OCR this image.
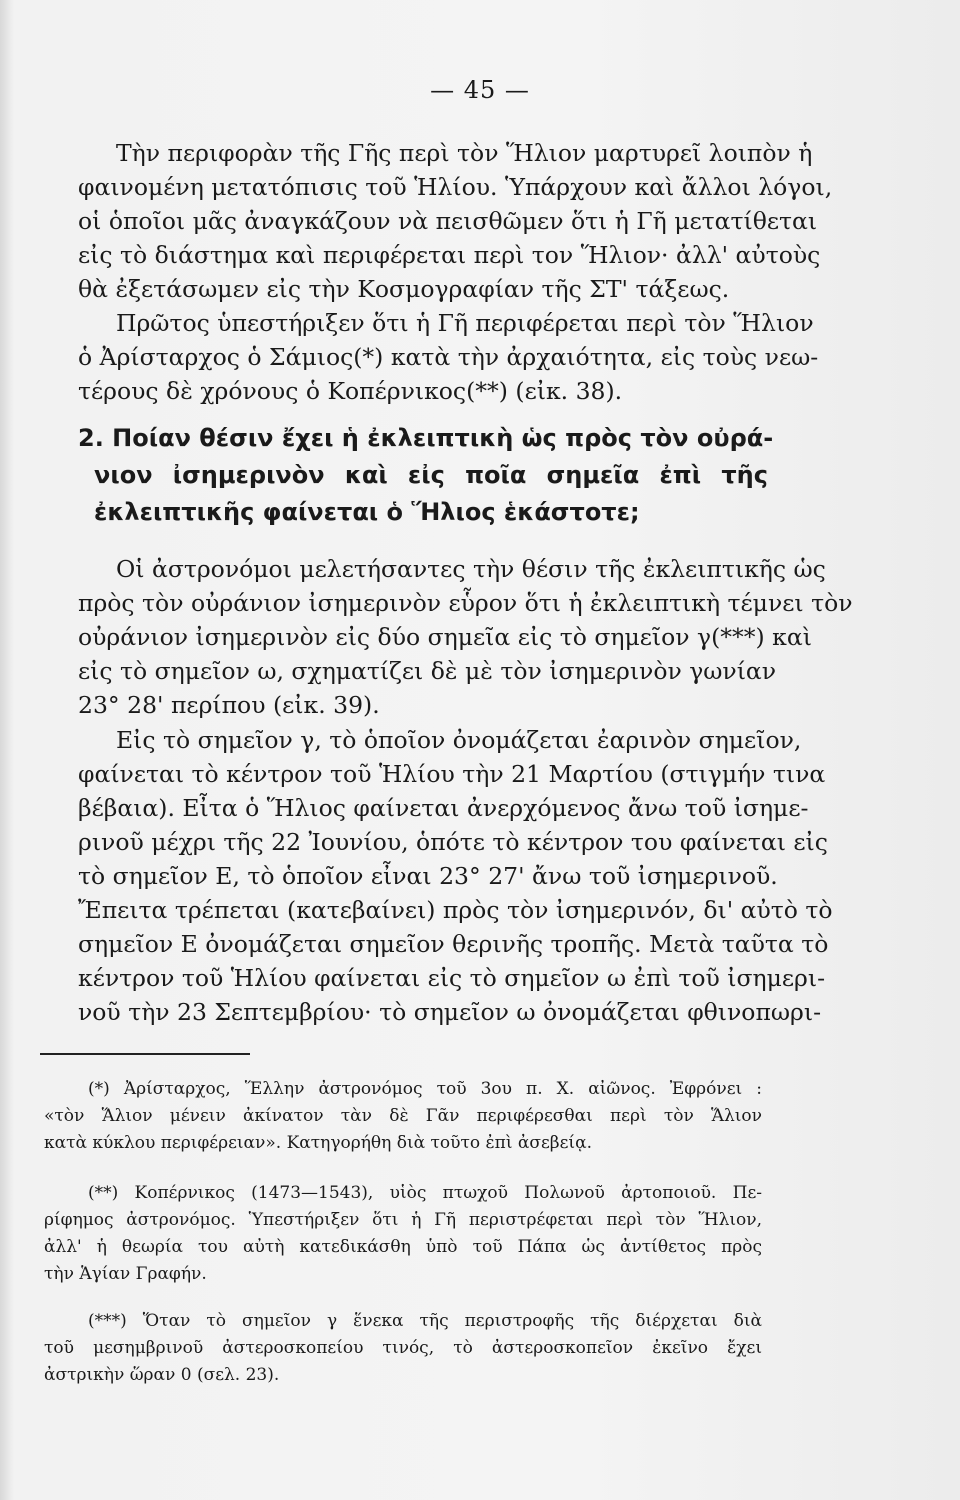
— 45 —
Τὴν περιφορὰν τῆς Γῆς περὶ τὸν Ἥλιον μαρτυρεῖ λοιπὸν ἡ
φαινομένη μετατόπισις τοῦ Ἡλίου. Ὑπάρχουν καὶ ἄλλοι λόγοι,
οἱ ὁποῖοι μᾶς ἀναγκάζουν νὰ πεισθῶμεν ὅτι ἡ Γῆ μετατίθεται
εἰς τὸ διάστημα καὶ περιφέρεται περὶ τον Ἥλιον· ἀλλ' αὐτοὺς
θὰ ἐξετάσωμεν εἰς τὴν Κοσμογραφίαν τῆς ΣΤ' τάξεως.
Πρῶτος ὑπεστήριξεν ὅτι ἡ Γῆ περιφέρεται περὶ τὸν Ἥλιον
ὁ Ἀρίσταρχος ὁ Σάμιος(*) κατὰ τὴν ἀρχαιότητα, εἰς τοὺς νεω-
τέρους δὲ χρόνους ὁ Κοπέρνικος(**) (εἰκ. 38).
2. Ποίαν θέσιν ἔχει ἡ ἐκλειπτικὴ ὡς πρὸς τὸν οὐρά-
νιον ἰσημερινὸν καὶ εἰς ποῖα σημεῖα ἐπὶ τῆς
ἐκλειπτικῆς φαίνεται ὁ Ἥλιος ἑκάστοτε;
Οἱ ἀστρονόμοι μελετήσαντες τὴν θέσιν τῆς ἐκλειπτικῆς ὡς
πρὸς τὸν οὐράνιον ἰσημερινὸν εὗρον ὅτι ἡ ἐκλειπτικὴ τέμνει τὸν
οὐράνιον ἰσημερινὸν εἰς δύο σημεῖα εἰς τὸ σημεῖον γ(***) καὶ
εἰς τὸ σημεῖον ω, σχηματίζει δὲ μὲ τὸν ἰσημερινὸν γωνίαν
23° 28' περίπου (εἰκ. 39).
Εἰς τὸ σημεῖον γ, τὸ ὁποῖον ὀνομάζεται ἐαρινὸν σημεῖον,
φαίνεται τὸ κέντρον τοῦ Ἡλίου τὴν 21 Μαρτίου (στιγμήν τινα
βέβαια). Εἶτα ὁ Ἥλιος φαίνεται ἀνερχόμενος ἄνω τοῦ ἰσημε-
ρινοῦ μέχρι τῆς 22 Ἰουνίου, ὁπότε τὸ κέντρον του φαίνεται εἰς
τὸ σημεῖον Ε, τὸ ὁποῖον εἶναι 23° 27' ἄνω τοῦ ἰσημερινοῦ.
Ἔπειτα τρέπεται (κατεβαίνει) πρὸς τὸν ἰσημερινόν, δι' αὐτὸ τὸ
σημεῖον Ε ὀνομάζεται σημεῖον θερινῆς τροπῆς. Μετὰ ταῦτα τὸ
κέντρον τοῦ Ἡλίου φαίνεται εἰς τὸ σημεῖον ω ἐπὶ τοῦ ἰσημερι-
νοῦ τὴν 23 Σεπτεμβρίου· τὸ σημεῖον ω ὀνομάζεται φθινοπωρι-
(*) Ἀρίσταρχος, Ἕλλην ἀστρονόμος τοῦ 3ου π. Χ. αἰῶνος. Ἐφρόνει :
«τὸν Ἅλιον μένειν ἀκίνατον τὰν δὲ Γᾶν περιφέρεσθαι περὶ τὸν Ἅλιον
κατὰ κύκλου περιφέρειαν». Κατηγορήθη διὰ τοῦτο ἐπὶ ἀσεβείᾳ.
(**) Κοπέρνικος (1473—1543), υἱὸς πτωχοῦ Πολωνοῦ ἀρτοποιοῦ. Πε-
ρίφημος ἀστρονόμος. Ὑπεστήριξεν ὅτι ἡ Γῆ περιστρέφεται περὶ τὸν Ἥλιον,
ἀλλ' ἡ θεωρία του αὐτὴ κατεδικάσθη ὑπὸ τοῦ Πάπα ὡς ἀντίθετος πρὸς
τὴν Ἁγίαν Γραφήν.
(***) Ὅταν τὸ σημεῖον γ ἕνεκα τῆς περιστροφῆς τῆς διέρχεται διὰ
τοῦ μεσημβρινοῦ ἀστεροσκοπείου τινός, τὸ ἀστεροσκοπεῖον ἐκεῖνο ἔχει
ἀστρικὴν ὥραν 0 (σελ. 23).
